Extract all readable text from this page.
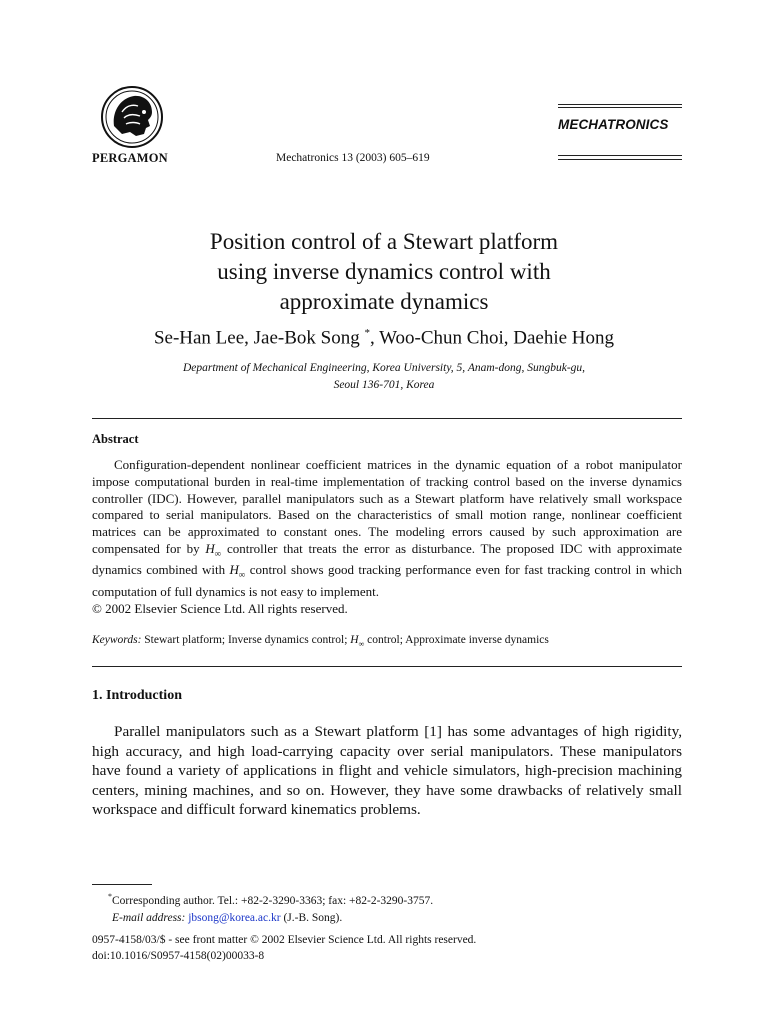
PERGAMON	Mechatronics 13 (2003) 605–619
MECHATRONICS
Position control of a Stewart platform
using inverse dynamics control with
approximate dynamics
Se-Han Lee, Jae-Bok Song *, Woo-Chun Choi, Daehie Hong
Department of Mechanical Engineering, Korea University, 5, Anam-dong, Sungbuk-gu,
Seoul 136-701, Korea
Abstract

Configuration-dependent nonlinear coefficient matrices in the dynamic equation of a robot manipulator impose computational burden in real-time implementation of tracking control based on the inverse dynamics controller (IDC). However, parallel manipulators such as a Stewart platform have relatively small workspace compared to serial manipulators. Based on the characteristics of small motion range, nonlinear coefficient matrices can be approximated to constant ones. The modeling errors caused by such approximation are compensated for by $H_\infty$ controller that treats the error as disturbance. The proposed IDC with approximate dynamics combined with $H_\infty$ control shows good tracking performance even for fast tracking control in which computation of full dynamics is not easy to implement.

© 2002 Elsevier Science Ltd. All rights reserved.
Keywords: Stewart platform; Inverse dynamics control; $H_\infty$ control; Approximate inverse dynamics
1. Introduction

Parallel manipulators such as a Stewart platform [1] has some advantages of high rigidity, high accuracy, and high load-carrying capacity over serial manipulators. These manipulators have found a variety of applications in flight and vehicle simulators, high-precision machining centers, mining machines, and so on. However, they have some drawbacks of relatively small workspace and difficult forward kinematics problems.

*Corresponding author. Tel.: +82-2-3290-3363; fax: +82-2-3290-3757.
E-mail address: jbsong@korea.ac.kr (J.-B. Song).
0957-4158/03/$ - see front matter © 2002 Elsevier Science Ltd. All rights reserved.
doi:10.1016/S0957-4158(02)00033-8
